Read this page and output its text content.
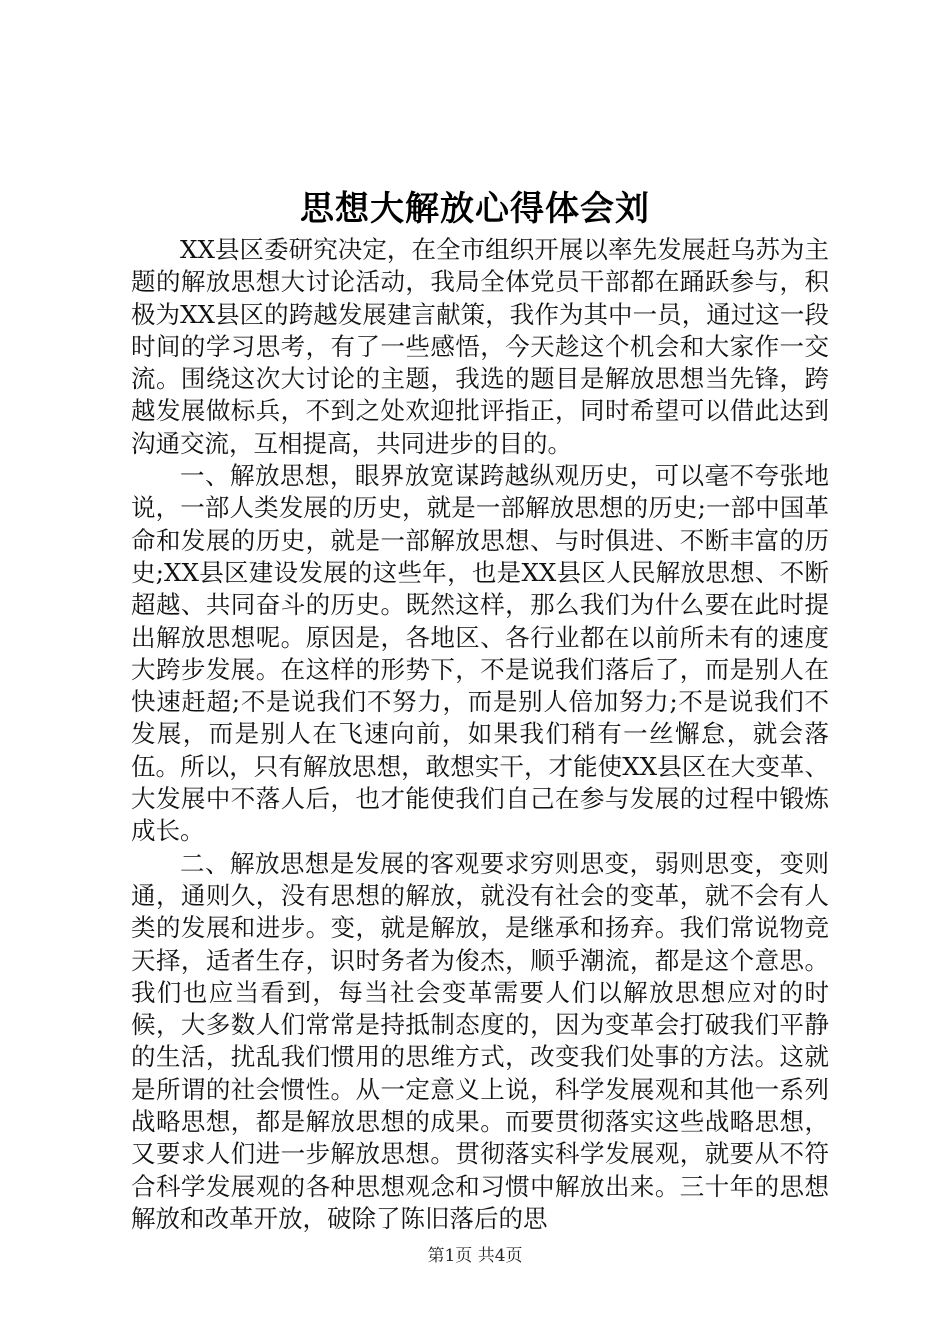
思想大解放心得体会刘

XX县区委研究决定，在全市组织开展以率先发展赶乌苏为主题的解放思想大讨论活动，我局全体党员干部都在踊跃参与，积极为XX县区的跨越发展建言献策，我作为其中一员，通过这一段时间的学习思考，有了一些感悟，今天趁这个机会和大家作一交流。围绕这次大讨论的主题，我选的题目是解放思想当先锋，跨越发展做标兵，不到之处欢迎批评指正，同时希望可以借此达到沟通交流，互相提高，共同进步的目的。

一、解放思想，眼界放宽谋跨越纵观历史，可以毫不夸张地说，一部人类发展的历史，就是一部解放思想的历史;一部中国革命和发展的历史，就是一部解放思想、与时俱进、不断丰富的历史;XX县区建设发展的这些年，也是XX县区人民解放思想、不断超越、共同奋斗的历史。既然这样，那么我们为什么要在此时提出解放思想呢。原因是，各地区、各行业都在以前所未有的速度大跨步发展。在这样的形势下，不是说我们落后了，而是别人在快速赶超;不是说我们不努力，而是别人倍加努力;不是说我们不发展，而是别人在飞速向前，如果我们稍有一丝懈怠，就会落伍。所以，只有解放思想，敢想实干，才能使XX县区在大变革、大发展中不落人后，也才能使我们自己在参与发展的过程中锻炼成长。

二、解放思想是发展的客观要求穷则思变，弱则思变，变则通，通则久，没有思想的解放，就没有社会的变革，就不会有人类的发展和进步。变，就是解放，是继承和扬弃。我们常说物竞天择，适者生存，识时务者为俊杰，顺乎潮流，都是这个意思。我们也应当看到，每当社会变革需要人们以解放思想应对的时候，大多数人们常常是持抵制态度的，因为变革会打破我们平静的生活，扰乱我们惯用的思维方式，改变我们处事的方法。这就是所谓的社会惯性。从一定意义上说，科学发展观和其他一系列战略思想，都是解放思想的成果。而要贯彻落实这些战略思想，又要求人们进一步解放思想。贯彻落实科学发展观，就要从不符合科学发展观的各种思想观念和习惯中解放出来。三十年的思想解放和改革开放，破除了陈旧落后的思

第1页 共4页
